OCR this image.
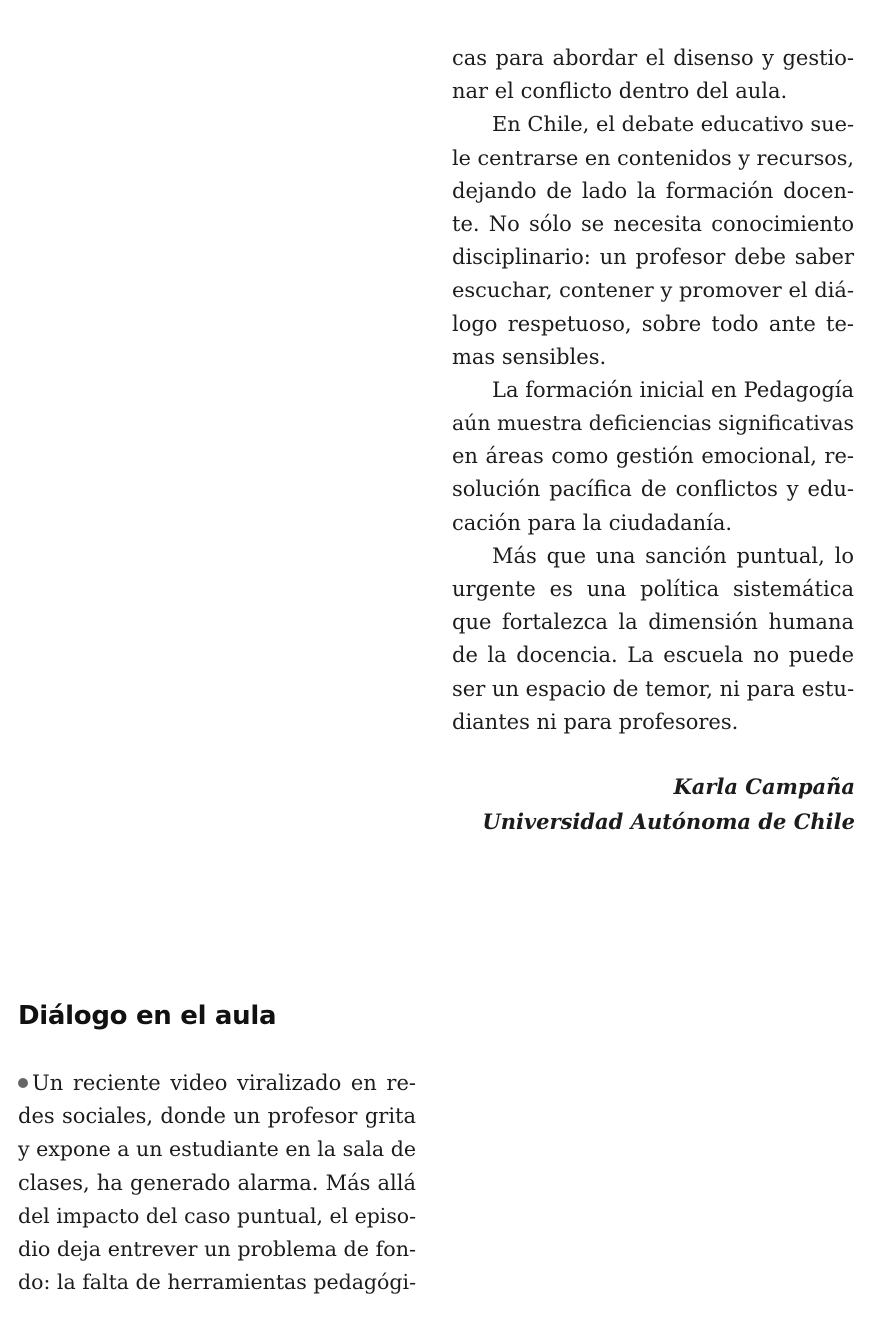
cas para abordar el disenso y gestio-
nar el conflicto dentro del aula.
En Chile, el debate educativo sue-
le centrarse en contenidos y recursos,
dejando de lado la formación docen-
te. No sólo se necesita conocimiento
disciplinario: un profesor debe saber
escuchar, contener y promover el diá-
logo respetuoso, sobre todo ante te-
mas sensibles.
La formación inicial en Pedagogía
aún muestra deficiencias significativas
en áreas como gestión emocional, re-
solución pacífica de conflictos y edu-
cación para la ciudadanía.
Más que una sanción puntual, lo
urgente es una política sistemática
que fortalezca la dimensión humana
de la docencia. La escuela no puede
ser un espacio de temor, ni para estu-
diantes ni para profesores.
Karla Campaña
Universidad Autónoma de Chile
Diálogo en el aula
Un reciente video viralizado en re-
des sociales, donde un profesor grita
y expone a un estudiante en la sala de
clases, ha generado alarma. Más allá
del impacto del caso puntual, el episo-
dio deja entrever un problema de fon-
do: la falta de herramientas pedagógi-
